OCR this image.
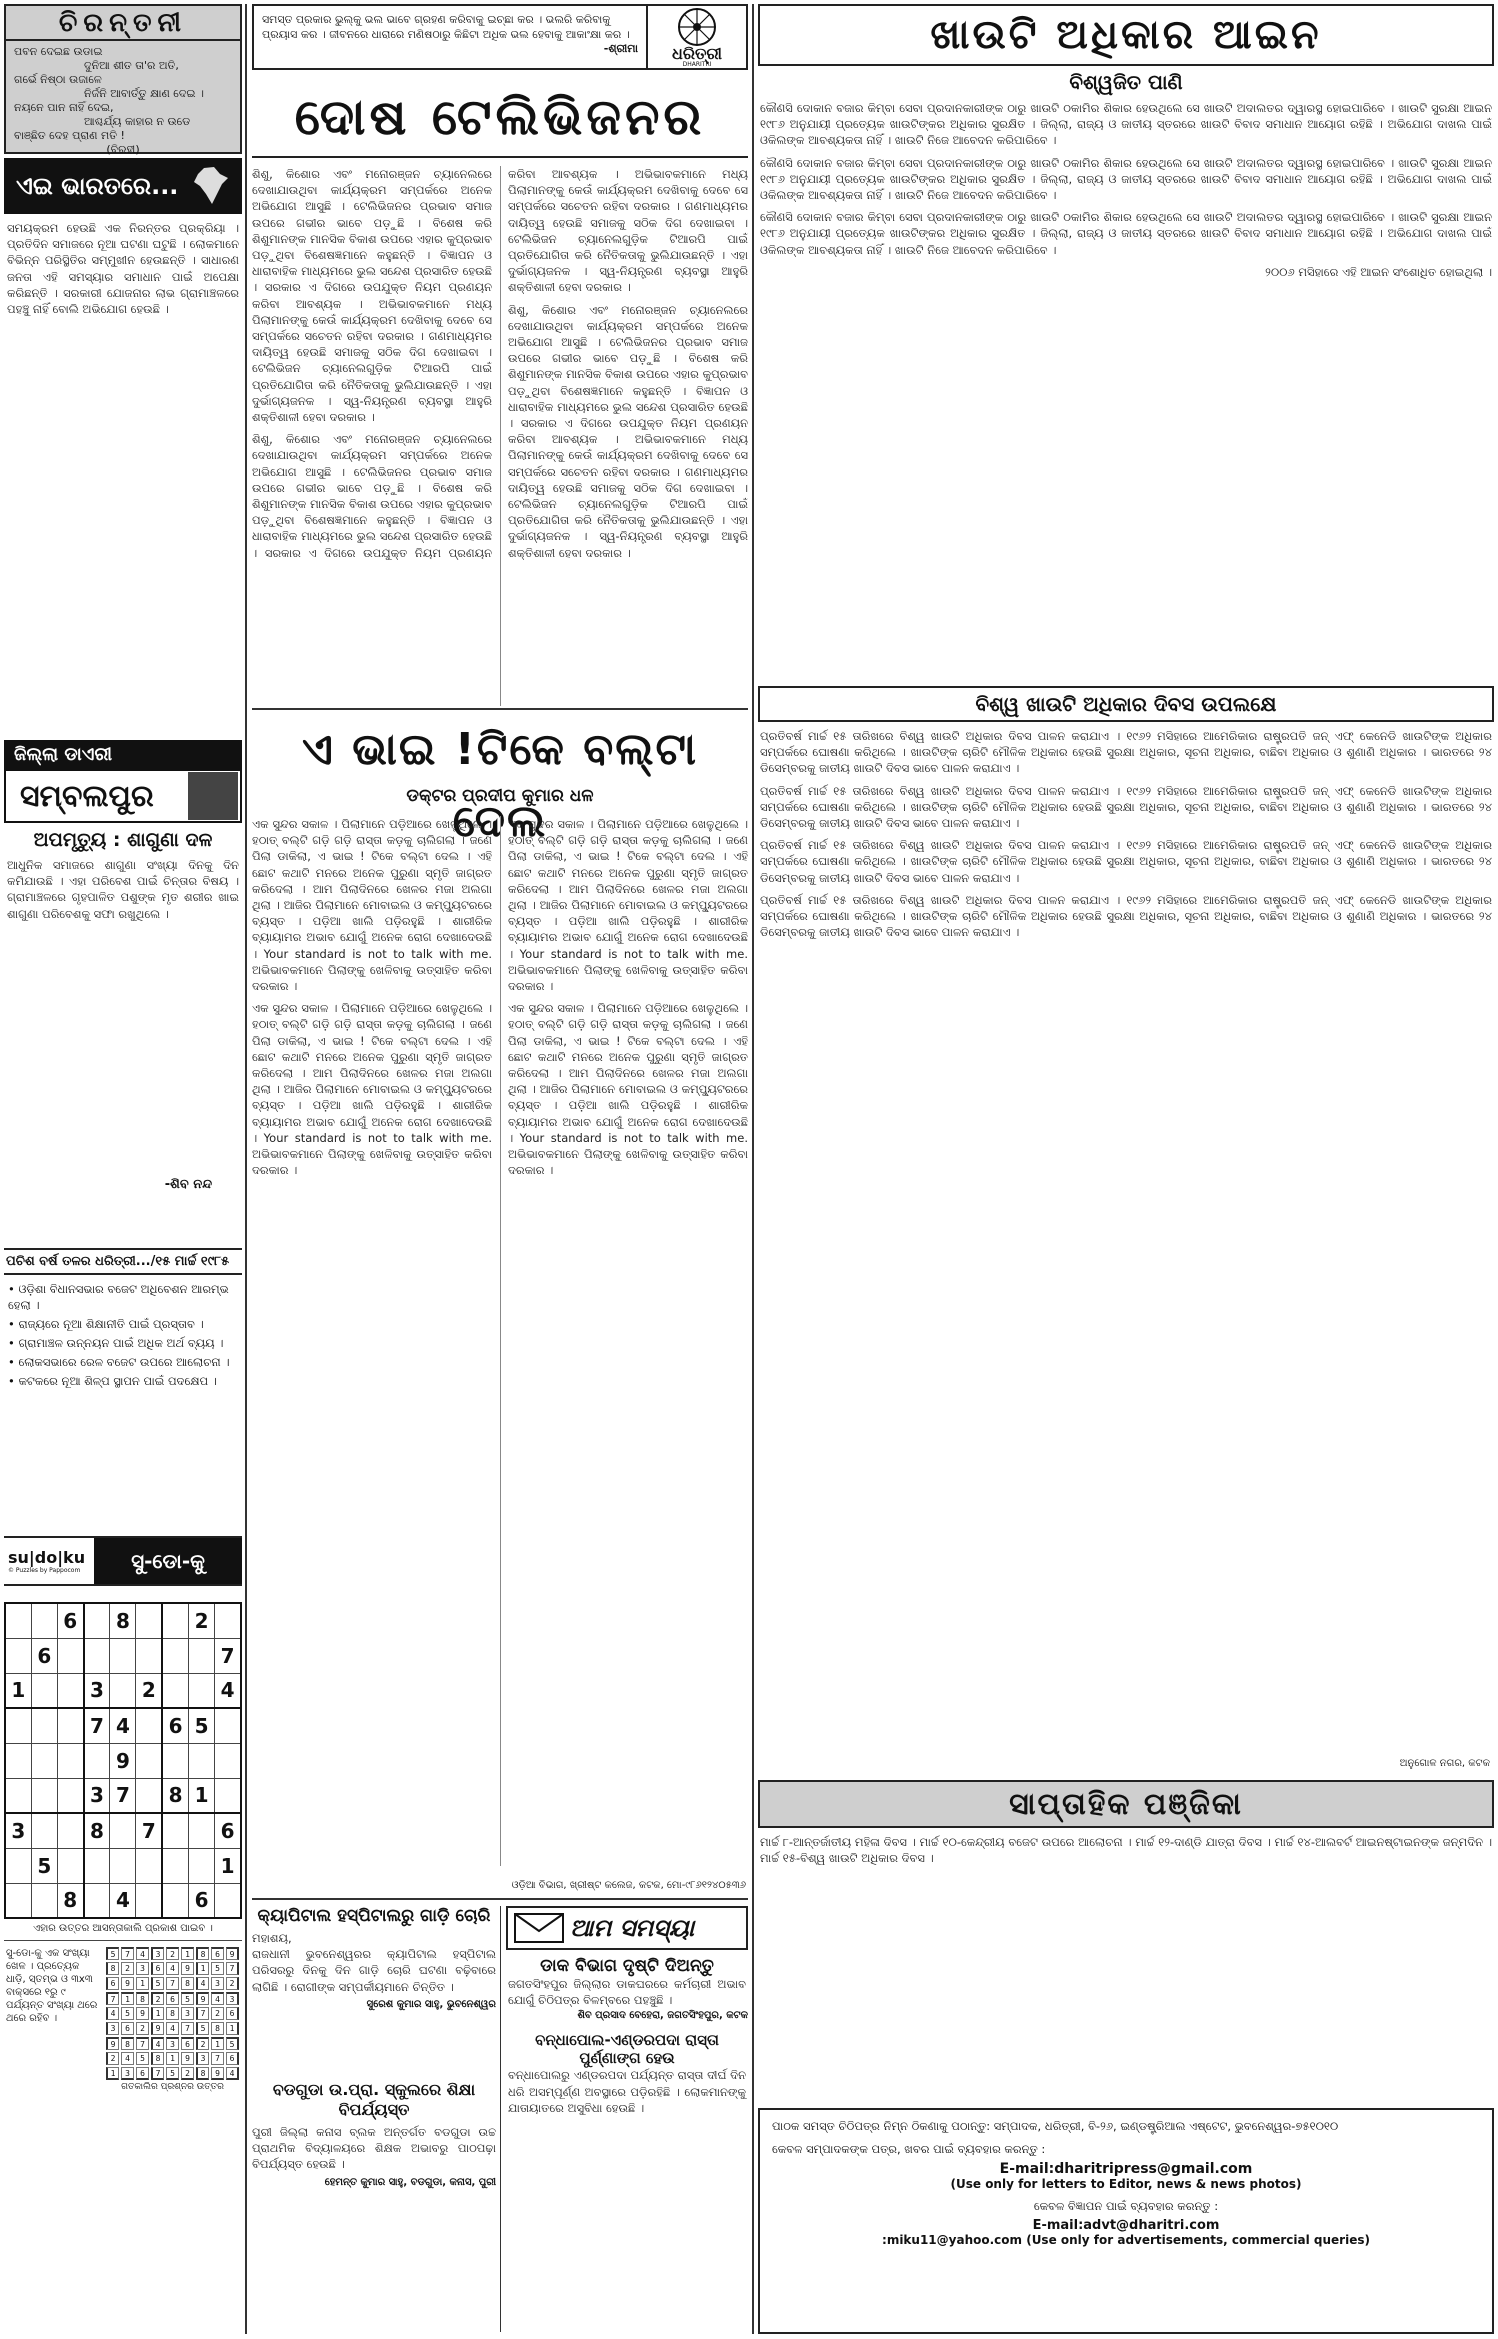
ଚିରନ୍ତନୀ
ପବନ ଦେଇଛ ଉଡାଇ
ଦୁନିଆ ଶୀତ ତା'ର ଅତି,
ଗର୍ଭେ ନିଷ୍ଠା ଉଜାଳେ
ନିର୍ଜନି ଆବାର୍ତ୍ତୁ କ୍ଷାଣ ଦେଇ ।
ନୟନେ ପାନ ନାହିଁ ଦେଇ,
ଆଶ୍ଚର୍ଯ୍ୟ କାହାର ନ ଉଡେ
ବାଞ୍ଛିତ ଦେହ ପ୍ରାଣ ମତି !
(ବିରହୀ)
ଏଇ ଭାରତରେ...

ସମୟକ୍ରମ ହେଉଛି ଏକ ନିରନ୍ତର ପ୍ରକ୍ରିୟା । ପ୍ରତିଦିନ ସମାଜରେ ନୂଆ ଘଟଣା ଘଟୁଛି । ଲୋକମାନେ ବିଭିନ୍ନ ପରିସ୍ଥିତିର ସମ୍ମୁଖୀନ ହେଉଛନ୍ତି । ସାଧାରଣ ଜନତା ଏହି ସମସ୍ୟାର ସମାଧାନ ପାଇଁ ଅପେକ୍ଷା କରିଛନ୍ତି । ସରକାରୀ ଯୋଜନାର ଲାଭ ଗ୍ରାମାଞ୍ଚଳରେ ପହଞ୍ଚୁ ନାହିଁ ବୋଲି ଅଭିଯୋଗ ହେଉଛି ।

ଜିଲ୍ଲା ଡାଏରୀ
ସମ୍ବଲପୁର
ଅପମୃତ୍ୟୁ : ଶାଗୁଣା ଦଳ

ଆଧୁନିକ ସମାଜରେ ଶାଗୁଣା ସଂଖ୍ୟା ଦିନକୁ ଦିନ କମିଯାଉଛି । ଏହା ପରିବେଶ ପାଇଁ ଚିନ୍ତାର ବିଷୟ । ଗ୍ରାମାଞ୍ଚଳରେ ଗୃହପାଳିତ ପଶୁଙ୍କ ମୃତ ଶରୀର ଖାଇ ଶାଗୁଣା ପରିବେଶକୁ ସଫା ରଖୁଥିଲେ ।

-ଶିବ ନନ୍ଦ
ପଚିଶ ବର୍ଷ ତଳର ଧରିତ୍ରୀ.../୧୫ ମାର୍ଚ୍ଚ ୧୯୮୫
• ଓଡ଼ିଶା ବିଧାନସଭାର ବଜେଟ ଅଧିବେଶନ ଆରମ୍ଭ ହେଲା ।
• ରାଜ୍ୟରେ ନୂଆ ଶିକ୍ଷାନୀତି ପାଇଁ ପ୍ରସ୍ତାବ ।
• ଗ୍ରାମାଞ୍ଚଳ ଉନ୍ନୟନ ପାଇଁ ଅଧିକ ଅର୍ଥ ବ୍ୟୟ ।
• ଲୋକସଭାରେ ରେଳ ବଜେଟ ଉପରେ ଆଲୋଚନା ।
• କଟକରେ ନୂଆ ଶିଳ୍ପ ସ୍ଥାପନ ପାଇଁ ପଦକ୍ଷେପ ।
su|do|ku
© Puzzles by Pappocom	ସୁ-ଡୋ-କୁ
		6		8			2	
	6							7
1			3		2			4
			7	4		6	5	
				9				
			3	7		8	1	
3			8		7			6
	5							1
		8		4			6	
ଏହାର ଉତ୍ତର ଆସନ୍ତାକାଲି ପ୍ରକାଶ ପାଇବ ।
ସୁ-ଡୋ-କୁ ଏକ ସଂଖ୍ୟା ଖେଳ । ପ୍ରତ୍ୟେକ ଧାଡ଼ି, ସ୍ତମ୍ଭ ଓ ୩x୩ ବାକ୍ସରେ ୧ରୁ ୯ ପର୍ଯ୍ୟନ୍ତ ସଂଖ୍ୟା ଥରେ ଥରେ ରହିବ ।
5	7	4	3	2	1	8	6	9
8	2	3	6	4	9	1	5	7
6	9	1	5	7	8	4	3	2
7	1	8	2	6	5	9	4	3
4	5	9	1	8	3	7	2	6
3	6	2	9	4	7	5	8	1
9	8	7	4	3	6	2	1	5
2	4	5	8	1	9	3	7	6
1	3	6	7	5	2	8	9	4
ଗତକାଲିର ପ୍ରଶ୍ନର ଉତ୍ତର
ସମସ୍ତ ପ୍ରକାର ଭୁଲ୍‌କୁ ଭଲ ଭାବେ ଗ୍ରହଣ କରିବାକୁ ଇଚ୍ଛା କର । ଭଲରି କରିବାକୁ ପ୍ରୟାସ କର । ଜୀବନରେ ଧାରାରେ ମଣିଷଠାରୁ କିଛିଟା ଅଧିକ ଭଲ ହେବାକୁ ଆକାଂକ୍ଷା କର ।
-ଶ୍ରୀମା ଧରିତ୍ରୀ
DHARITRI
ଦୋଷ ଟେଲିଭିଜନର

ଶିଶୁ, କିଶୋର ଏବଂ ମନୋରଞ୍ଜନ ଚ୍ୟାନେଲରେ ଦେଖାଯାଉଥିବା କାର୍ଯ୍ୟକ୍ରମ ସମ୍ପର୍କରେ ଅନେକ ଅଭିଯୋଗ ଆସୁଛି । ଟେଲିଭିଜନର ପ୍ରଭାବ ସମାଜ ଉପରେ ଗଭୀର ଭାବେ ପଡ଼ୁଛି । ବିଶେଷ କରି ଶିଶୁମାନଙ୍କ ମାନସିକ ବିକାଶ ଉପରେ ଏହାର କୁପ୍ରଭାବ ପଡ଼ୁଥିବା ବିଶେଷଜ୍ଞମାନେ କହୁଛନ୍ତି । ବିଜ୍ଞାପନ ଓ ଧାରାବାହିକ ମାଧ୍ୟମରେ ଭୁଲ ସନ୍ଦେଶ ପ୍ରସାରିତ ହେଉଛି । ସରକାର ଏ ଦିଗରେ ଉପଯୁକ୍ତ ନିୟମ ପ୍ରଣୟନ କରିବା ଆବଶ୍ୟକ । ଅଭିଭାବକମାନେ ମଧ୍ୟ ପିଲାମାନଙ୍କୁ କେଉଁ କାର୍ଯ୍ୟକ୍ରମ ଦେଖିବାକୁ ଦେବେ ସେ ସମ୍ପର୍କରେ ସଚେତନ ରହିବା ଦରକାର । ଗଣମାଧ୍ୟମର ଦାୟିତ୍ୱ ହେଉଛି ସମାଜକୁ ସଠିକ ଦିଗ ଦେଖାଇବା । ଟେଲିଭିଜନ ଚ୍ୟାନେଲଗୁଡ଼ିକ ଟିଆରପି ପାଇଁ ପ୍ରତିଯୋଗିତା କରି ନୈତିକତାକୁ ଭୁଲିଯାଉଛନ୍ତି । ଏହା ଦୁର୍ଭାଗ୍ୟଜନକ । ସ୍ୱ-ନିୟନ୍ତ୍ରଣ ବ୍ୟବସ୍ଥା ଆହୁରି ଶକ୍ତିଶାଳୀ ହେବା ଦରକାର ।

ଶିଶୁ, କିଶୋର ଏବଂ ମନୋରଞ୍ଜନ ଚ୍ୟାନେଲରେ ଦେଖାଯାଉଥିବା କାର୍ଯ୍ୟକ୍ରମ ସମ୍ପର୍କରେ ଅନେକ ଅଭିଯୋଗ ଆସୁଛି । ଟେଲିଭିଜନର ପ୍ରଭାବ ସମାଜ ଉପରେ ଗଭୀର ଭାବେ ପଡ଼ୁଛି । ବିଶେଷ କରି ଶିଶୁମାନଙ୍କ ମାନସିକ ବିକାଶ ଉପରେ ଏହାର କୁପ୍ରଭାବ ପଡ଼ୁଥିବା ବିଶେଷଜ୍ଞମାନେ କହୁଛନ୍ତି । ବିଜ୍ଞାପନ ଓ ଧାରାବାହିକ ମାଧ୍ୟମରେ ଭୁଲ ସନ୍ଦେଶ ପ୍ରସାରିତ ହେଉଛି । ସରକାର ଏ ଦିଗରେ ଉପଯୁକ୍ତ ନିୟମ ପ୍ରଣୟନ କରିବା ଆବଶ୍ୟକ । ଅଭିଭାବକମାନେ ମଧ୍ୟ ପିଲାମାନଙ୍କୁ କେଉଁ କାର୍ଯ୍ୟକ୍ରମ ଦେଖିବାକୁ ଦେବେ ସେ ସମ୍ପର୍କରେ ସଚେତନ ରହିବା ଦରକାର । ଗଣମାଧ୍ୟମର ଦାୟିତ୍ୱ ହେଉଛି ସମାଜକୁ ସଠିକ ଦିଗ ଦେଖାଇବା । ଟେଲିଭିଜନ ଚ୍ୟାନେଲଗୁଡ଼ିକ ଟିଆରପି ପାଇଁ ପ୍ରତିଯୋଗିତା କରି ନୈତିକତାକୁ ଭୁଲିଯାଉଛନ୍ତି । ଏହା ଦୁର୍ଭାଗ୍ୟଜନକ । ସ୍ୱ-ନିୟନ୍ତ୍ରଣ ବ୍ୟବସ୍ଥା ଆହୁରି ଶକ୍ତିଶାଳୀ ହେବା ଦରକାର ।

ଶିଶୁ, କିଶୋର ଏବଂ ମନୋରଞ୍ଜନ ଚ୍ୟାନେଲରେ ଦେଖାଯାଉଥିବା କାର୍ଯ୍ୟକ୍ରମ ସମ୍ପର୍କରେ ଅନେକ ଅଭିଯୋଗ ଆସୁଛି । ଟେଲିଭିଜନର ପ୍ରଭାବ ସମାଜ ଉପରେ ଗଭୀର ଭାବେ ପଡ଼ୁଛି । ବିଶେଷ କରି ଶିଶୁମାନଙ୍କ ମାନସିକ ବିକାଶ ଉପରେ ଏହାର କୁପ୍ରଭାବ ପଡ଼ୁଥିବା ବିଶେଷଜ୍ଞମାନେ କହୁଛନ୍ତି । ବିଜ୍ଞାପନ ଓ ଧାରାବାହିକ ମାଧ୍ୟମରେ ଭୁଲ ସନ୍ଦେଶ ପ୍ରସାରିତ ହେଉଛି । ସରକାର ଏ ଦିଗରେ ଉପଯୁକ୍ତ ନିୟମ ପ୍ରଣୟନ କରିବା ଆବଶ୍ୟକ । ଅଭିଭାବକମାନେ ମଧ୍ୟ ପିଲାମାନଙ୍କୁ କେଉଁ କାର୍ଯ୍ୟକ୍ରମ ଦେଖିବାକୁ ଦେବେ ସେ ସମ୍ପର୍କରେ ସଚେତନ ରହିବା ଦରକାର । ଗଣମାଧ୍ୟମର ଦାୟିତ୍ୱ ହେଉଛି ସମାଜକୁ ସଠିକ ଦିଗ ଦେଖାଇବା । ଟେଲିଭିଜନ ଚ୍ୟାନେଲଗୁଡ଼ିକ ଟିଆରପି ପାଇଁ ପ୍ରତିଯୋଗିତା କରି ନୈତିକତାକୁ ଭୁଲିଯାଉଛନ୍ତି । ଏହା ଦୁର୍ଭାଗ୍ୟଜନକ । ସ୍ୱ-ନିୟନ୍ତ୍ରଣ ବ୍ୟବସ୍ଥା ଆହୁରି ଶକ୍ତିଶାଳୀ ହେବା ଦରକାର ।

ଏ ଭାଇ !ଟିକେ ବଲ୍‌ଟା ଦେଲ
ଡକ୍ଟର ପ୍ରଦୀପ କୁମାର ଧଳ

ଏକ ସୁନ୍ଦର ସକାଳ । ପିଲାମାନେ ପଡ଼ିଆରେ ଖେଳୁଥିଲେ । ହଠାତ୍ ବଲ୍‌ଟି ଗଡ଼ି ଗଡ଼ି ରାସ୍ତା କଡ଼କୁ ଚାଲିଗଲା । ଜଣେ ପିଲା ଡାକିଲା, ଏ ଭାଇ ! ଟିକେ ବଲ୍‌ଟା ଦେଲ । ଏହି ଛୋଟ କଥାଟି ମନରେ ଅନେକ ପୁରୁଣା ସ୍ମୃତି ଜାଗ୍ରତ କରିଦେଲା । ଆମ ପିଲାଦିନରେ ଖେଳର ମଜା ଅଲଗା ଥିଲା । ଆଜିର ପିଲାମାନେ ମୋବାଇଲ ଓ କମ୍ପ୍ୟୁଟରରେ ବ୍ୟସ୍ତ । ପଡ଼ିଆ ଖାଲି ପଡ଼ିରହୁଛି । ଶାରୀରିକ ବ୍ୟାୟାମର ଅଭାବ ଯୋଗୁଁ ଅନେକ ରୋଗ ଦେଖାଦେଉଛି । Your standard is not to talk with me. ଅଭିଭାବକମାନେ ପିଲାଙ୍କୁ ଖେଳିବାକୁ ଉତ୍ସାହିତ କରିବା ଦରକାର ।

ଏକ ସୁନ୍ଦର ସକାଳ । ପିଲାମାନେ ପଡ଼ିଆରେ ଖେଳୁଥିଲେ । ହଠାତ୍ ବଲ୍‌ଟି ଗଡ଼ି ଗଡ଼ି ରାସ୍ତା କଡ଼କୁ ଚାଲିଗଲା । ଜଣେ ପିଲା ଡାକିଲା, ଏ ଭାଇ ! ଟିକେ ବଲ୍‌ଟା ଦେଲ । ଏହି ଛୋଟ କଥାଟି ମନରେ ଅନେକ ପୁରୁଣା ସ୍ମୃତି ଜାଗ୍ରତ କରିଦେଲା । ଆମ ପିଲାଦିନରେ ଖେଳର ମଜା ଅଲଗା ଥିଲା । ଆଜିର ପିଲାମାନେ ମୋବାଇଲ ଓ କମ୍ପ୍ୟୁଟରରେ ବ୍ୟସ୍ତ । ପଡ଼ିଆ ଖାଲି ପଡ଼ିରହୁଛି । ଶାରୀରିକ ବ୍ୟାୟାମର ଅଭାବ ଯୋଗୁଁ ଅନେକ ରୋଗ ଦେଖାଦେଉଛି । Your standard is not to talk with me. ଅଭିଭାବକମାନେ ପିଲାଙ୍କୁ ଖେଳିବାକୁ ଉତ୍ସାହିତ କରିବା ଦରକାର ।

ଏକ ସୁନ୍ଦର ସକାଳ । ପିଲାମାନେ ପଡ଼ିଆରେ ଖେଳୁଥିଲେ । ହଠାତ୍ ବଲ୍‌ଟି ଗଡ଼ି ଗଡ଼ି ରାସ୍ତା କଡ଼କୁ ଚାଲିଗଲା । ଜଣେ ପିଲା ଡାକିଲା, ଏ ଭାଇ ! ଟିକେ ବଲ୍‌ଟା ଦେଲ । ଏହି ଛୋଟ କଥାଟି ମନରେ ଅନେକ ପୁରୁଣା ସ୍ମୃତି ଜାଗ୍ରତ କରିଦେଲା । ଆମ ପିଲାଦିନରେ ଖେଳର ମଜା ଅଲଗା ଥିଲା । ଆଜିର ପିଲାମାନେ ମୋବାଇଲ ଓ କମ୍ପ୍ୟୁଟରରେ ବ୍ୟସ୍ତ । ପଡ଼ିଆ ଖାଲି ପଡ଼ିରହୁଛି । ଶାରୀରିକ ବ୍ୟାୟାମର ଅଭାବ ଯୋଗୁଁ ଅନେକ ରୋଗ ଦେଖାଦେଉଛି । Your standard is not to talk with me. ଅଭିଭାବକମାନେ ପିଲାଙ୍କୁ ଖେଳିବାକୁ ଉତ୍ସାହିତ କରିବା ଦରକାର ।

ଏକ ସୁନ୍ଦର ସକାଳ । ପିଲାମାନେ ପଡ଼ିଆରେ ଖେଳୁଥିଲେ । ହଠାତ୍ ବଲ୍‌ଟି ଗଡ଼ି ଗଡ଼ି ରାସ୍ତା କଡ଼କୁ ଚାଲିଗଲା । ଜଣେ ପିଲା ଡାକିଲା, ଏ ଭାଇ ! ଟିକେ ବଲ୍‌ଟା ଦେଲ । ଏହି ଛୋଟ କଥାଟି ମନରେ ଅନେକ ପୁରୁଣା ସ୍ମୃତି ଜାଗ୍ରତ କରିଦେଲା । ଆମ ପିଲାଦିନରେ ଖେଳର ମଜା ଅଲଗା ଥିଲା । ଆଜିର ପିଲାମାନେ ମୋବାଇଲ ଓ କମ୍ପ୍ୟୁଟରରେ ବ୍ୟସ୍ତ । ପଡ଼ିଆ ଖାଲି ପଡ଼ିରହୁଛି । ଶାରୀରିକ ବ୍ୟାୟାମର ଅଭାବ ଯୋଗୁଁ ଅନେକ ରୋଗ ଦେଖାଦେଉଛି । Your standard is not to talk with me. ଅଭିଭାବକମାନେ ପିଲାଙ୍କୁ ଖେଳିବାକୁ ଉତ୍ସାହିତ କରିବା ଦରକାର ।

ଓଡ଼ିଆ ବିଭାଗ, ଖ୍ରୀଷ୍ଟ କଲେଜ, କଟକ, ମୋ-୯୮୬୧୨୪୦୫୩୬
କ୍ୟାପିଟାଲ ହସ୍ପିଟାଲରୁ ଗାଡ଼ି ଚୋରି
ମହାଶୟ,
ରାଜଧାନୀ ଭୁବନେଶ୍ୱରର କ୍ୟାପିଟାଲ ହସ୍ପିଟାଲ ପରିସରରୁ ଦିନକୁ ଦିନ ଗାଡ଼ି ଚୋରି ଘଟଣା ବଢ଼ିବାରେ ଲାଗିଛି । ରୋଗୀଙ୍କ ସମ୍ପର୍କୀୟମାନେ ଚିନ୍ତିତ ।
ସୁରେଶ କୁମାର ସାହୁ, ଭୁବନେଶ୍ୱର
ବଡଗୁଡା ଉ.ପ୍ରା. ସ୍କୁଲରେ ଶିକ୍ଷା ବିପର୍ଯ୍ୟସ୍ତ
ପୁରୀ ଜିଲ୍ଲା କନାସ ବ୍ଲକ ଅନ୍ତର୍ଗତ ବଡଗୁଡା ଉଚ୍ଚ ପ୍ରାଥମିକ ବିଦ୍ୟାଳୟରେ ଶିକ୍ଷକ ଅଭାବରୁ ପାଠପଢ଼ା ବିପର୍ଯ୍ୟସ୍ତ ହେଉଛି ।
ହେମନ୍ତ କୁମାର ସାହୁ, ବଡଗୁଡା, କନାସ, ପୁରୀ
ଆମ ସମସ୍ୟା
ଡାକ ବିଭାଗ ଦୃଷ୍ଟି ଦିଅନ୍ତୁ
ଜଗତସିଂହପୁର ଜିଲ୍ଲାର ଡାକଘରରେ କର୍ମଚାରୀ ଅଭାବ ଯୋଗୁଁ ଚିଠିପତ୍ର ବିଳମ୍ବରେ ପହଞ୍ଚୁଛି ।
ଶିବ ପ୍ରସାଦ ବେହେରା, ଜଗତସିଂହପୁର, କଟକ
ବନ୍ଧାପୋଲ-ଏଣ୍ଡରପଦା ରାସ୍ତା ପୁର୍ଣ୍ଣାଙ୍ଗ ହେଉ
ବନ୍ଧାପୋଲରୁ ଏଣ୍ଡରପଦା ପର୍ଯ୍ୟନ୍ତ ରାସ୍ତା ଦୀର୍ଘ ଦିନ ଧରି ଅସମ୍ପୂର୍ଣ୍ଣ ଅବସ୍ଥାରେ ପଡ଼ିରହିଛି । ଲୋକମାନଙ୍କୁ ଯାତାୟାତରେ ଅସୁବିଧା ହେଉଛି ।
ଖାଉଟି ଅଧିକାର ଆଇନ
ବିଶ୍ୱଜିତ ପାଣି

କୌଣସି ଦୋକାନ ବଜାର କିମ୍ବା ସେବା ପ୍ରଦାନକାରୀଙ୍କ ଠାରୁ ଖାଉଟି ଠକାମିର ଶିକାର ହେଉଥିଲେ ସେ ଖାଉଟି ଅଦାଲତର ଦ୍ୱାରସ୍ଥ ହୋଇପାରିବେ । ଖାଉଟି ସୁରକ୍ଷା ଆଇନ ୧୯୮୬ ଅନୁଯାୟୀ ପ୍ରତ୍ୟେକ ଖାଉଟିଙ୍କର ଅଧିକାର ସୁରକ୍ଷିତ । ଜିଲ୍ଲା, ରାଜ୍ୟ ଓ ଜାତୀୟ ସ୍ତରରେ ଖାଉଟି ବିବାଦ ସମାଧାନ ଆୟୋଗ ରହିଛି । ଅଭିଯୋଗ ଦାଖଲ ପାଇଁ ଓକିଲଙ୍କ ଆବଶ୍ୟକତା ନାହିଁ । ଖାଉଟି ନିଜେ ଆବେଦନ କରିପାରିବେ ।

କୌଣସି ଦୋକାନ ବଜାର କିମ୍ବା ସେବା ପ୍ରଦାନକାରୀଙ୍କ ଠାରୁ ଖାଉଟି ଠକାମିର ଶିକାର ହେଉଥିଲେ ସେ ଖାଉଟି ଅଦାଲତର ଦ୍ୱାରସ୍ଥ ହୋଇପାରିବେ । ଖାଉଟି ସୁରକ୍ଷା ଆଇନ ୧୯୮୬ ଅନୁଯାୟୀ ପ୍ରତ୍ୟେକ ଖାଉଟିଙ୍କର ଅଧିକାର ସୁରକ୍ଷିତ । ଜିଲ୍ଲା, ରାଜ୍ୟ ଓ ଜାତୀୟ ସ୍ତରରେ ଖାଉଟି ବିବାଦ ସମାଧାନ ଆୟୋଗ ରହିଛି । ଅଭିଯୋଗ ଦାଖଲ ପାଇଁ ଓକିଲଙ୍କ ଆବଶ୍ୟକତା ନାହିଁ । ଖାଉଟି ନିଜେ ଆବେଦନ କରିପାରିବେ ।

କୌଣସି ଦୋକାନ ବଜାର କିମ୍ବା ସେବା ପ୍ରଦାନକାରୀଙ୍କ ଠାରୁ ଖାଉଟି ଠକାମିର ଶିକାର ହେଉଥିଲେ ସେ ଖାଉଟି ଅଦାଲତର ଦ୍ୱାରସ୍ଥ ହୋଇପାରିବେ । ଖାଉଟି ସୁରକ୍ଷା ଆଇନ ୧୯୮୬ ଅନୁଯାୟୀ ପ୍ରତ୍ୟେକ ଖାଉଟିଙ୍କର ଅଧିକାର ସୁରକ୍ଷିତ । ଜିଲ୍ଲା, ରାଜ୍ୟ ଓ ଜାତୀୟ ସ୍ତରରେ ଖାଉଟି ବିବାଦ ସମାଧାନ ଆୟୋଗ ରହିଛି । ଅଭିଯୋଗ ଦାଖଲ ପାଇଁ ଓକିଲଙ୍କ ଆବଶ୍ୟକତା ନାହିଁ । ଖାଉଟି ନିଜେ ଆବେଦନ କରିପାରିବେ ।

୨୦୦୬ ମସିହାରେ ଏହି ଆଇନ ସଂଶୋଧିତ ହୋଇଥିଲା ।

ବିଶ୍ୱ ଖାଉଟି ଅଧିକାର ଦିବସ ଉପଲକ୍ଷେ

ପ୍ରତିବର୍ଷ ମାର୍ଚ୍ଚ ୧୫ ତାରିଖରେ ବିଶ୍ୱ ଖାଉଟି ଅଧିକାର ଦିବସ ପାଳନ କରାଯାଏ । ୧୯୬୨ ମସିହାରେ ଆମେରିକାର ରାଷ୍ଟ୍ରପତି ଜନ୍ ଏଫ୍ କେନେଡି ଖାଉଟିଙ୍କ ଅଧିକାର ସମ୍ପର୍କରେ ଘୋଷଣା କରିଥିଲେ । ଖାଉଟିଙ୍କ ଚାରିଟି ମୌଳିକ ଅଧିକାର ହେଉଛି ସୁରକ୍ଷା ଅଧିକାର, ସୂଚନା ଅଧିକାର, ବାଛିବା ଅଧିକାର ଓ ଶୁଣାଣି ଅଧିକାର । ଭାରତରେ ୨୪ ଡିସେମ୍ବରକୁ ଜାତୀୟ ଖାଉଟି ଦିବସ ଭାବେ ପାଳନ କରାଯାଏ ।

ପ୍ରତିବର୍ଷ ମାର୍ଚ୍ଚ ୧୫ ତାରିଖରେ ବିଶ୍ୱ ଖାଉଟି ଅଧିକାର ଦିବସ ପାଳନ କରାଯାଏ । ୧୯୬୨ ମସିହାରେ ଆମେରିକାର ରାଷ୍ଟ୍ରପତି ଜନ୍ ଏଫ୍ କେନେଡି ଖାଉଟିଙ୍କ ଅଧିକାର ସମ୍ପର୍କରେ ଘୋଷଣା କରିଥିଲେ । ଖାଉଟିଙ୍କ ଚାରିଟି ମୌଳିକ ଅଧିକାର ହେଉଛି ସୁରକ୍ଷା ଅଧିକାର, ସୂଚନା ଅଧିକାର, ବାଛିବା ଅଧିକାର ଓ ଶୁଣାଣି ଅଧିକାର । ଭାରତରେ ୨୪ ଡିସେମ୍ବରକୁ ଜାତୀୟ ଖାଉଟି ଦିବସ ଭାବେ ପାଳନ କରାଯାଏ ।

ପ୍ରତିବର୍ଷ ମାର୍ଚ୍ଚ ୧୫ ତାରିଖରେ ବିଶ୍ୱ ଖାଉଟି ଅଧିକାର ଦିବସ ପାଳନ କରାଯାଏ । ୧୯୬୨ ମସିହାରେ ଆମେରିକାର ରାଷ୍ଟ୍ରପତି ଜନ୍ ଏଫ୍ କେନେଡି ଖାଉଟିଙ୍କ ଅଧିକାର ସମ୍ପର୍କରେ ଘୋଷଣା କରିଥିଲେ । ଖାଉଟିଙ୍କ ଚାରିଟି ମୌଳିକ ଅଧିକାର ହେଉଛି ସୁରକ୍ଷା ଅଧିକାର, ସୂଚନା ଅଧିକାର, ବାଛିବା ଅଧିକାର ଓ ଶୁଣାଣି ଅଧିକାର । ଭାରତରେ ୨୪ ଡିସେମ୍ବରକୁ ଜାତୀୟ ଖାଉଟି ଦିବସ ଭାବେ ପାଳନ କରାଯାଏ ।

ପ୍ରତିବର୍ଷ ମାର୍ଚ୍ଚ ୧୫ ତାରିଖରେ ବିଶ୍ୱ ଖାଉଟି ଅଧିକାର ଦିବସ ପାଳନ କରାଯାଏ । ୧୯୬୨ ମସିହାରେ ଆମେରିକାର ରାଷ୍ଟ୍ରପତି ଜନ୍ ଏଫ୍ କେନେଡି ଖାଉଟିଙ୍କ ଅଧିକାର ସମ୍ପର୍କରେ ଘୋଷଣା କରିଥିଲେ । ଖାଉଟିଙ୍କ ଚାରିଟି ମୌଳିକ ଅଧିକାର ହେଉଛି ସୁରକ୍ଷା ଅଧିକାର, ସୂଚନା ଅଧିକାର, ବାଛିବା ଅଧିକାର ଓ ଶୁଣାଣି ଅଧିକାର । ଭାରତରେ ୨୪ ଡିସେମ୍ବରକୁ ଜାତୀୟ ଖାଉଟି ଦିବସ ଭାବେ ପାଳନ କରାଯାଏ ।

ଅନୁଗୋଳ ନଗର, କଟକ
ସାପ୍ତାହିକ ପଞ୍ଜିକା

ମାର୍ଚ୍ଚ ୮-ଆନ୍ତର୍ଜାତୀୟ ମହିଳା ଦିବସ । ମାର୍ଚ୍ଚ ୧୦-କେନ୍ଦ୍ରୀୟ ବଜେଟ ଉପରେ ଆଲୋଚନା । ମାର୍ଚ୍ଚ ୧୨-ଦାଣ୍ଡି ଯାତ୍ରା ଦିବସ । ମାର୍ଚ୍ଚ ୧୪-ଆଲବର୍ଟ ଆଇନଷ୍ଟାଇନଙ୍କ ଜନ୍ମଦିନ । ମାର୍ଚ୍ଚ ୧୫-ବିଶ୍ୱ ଖାଉଟି ଅଧିକାର ଦିବସ ।

ପାଠକ ସମସ୍ତ ଚିଠିପତ୍ର ନିମ୍ନ ଠିକଣାକୁ ପଠାନ୍ତୁ: ସମ୍ପାଦକ, ଧରିତ୍ରୀ, ବି-୨୬, ଇଣ୍ଡଷ୍ଟ୍ରିଆଲ ଏଷ୍ଟେଟ, ଭୁବନେଶ୍ୱର-୭୫୧୦୧୦
କେବଳ ସମ୍ପାଦକଙ୍କ ପତ୍ର, ଖବର ପାଇଁ ବ୍ୟବହାର କରନ୍ତୁ :
E-mail:dharitripress@gmail.com
(Use only for letters to Editor, news & news photos)
କେବଳ ବିଜ୍ଞାପନ ପାଇଁ ବ୍ୟବହାର କରନ୍ତୁ :
E-mail:advt@dharitri.com
:miku11@yahoo.com (Use only for advertisements, commercial queries)
